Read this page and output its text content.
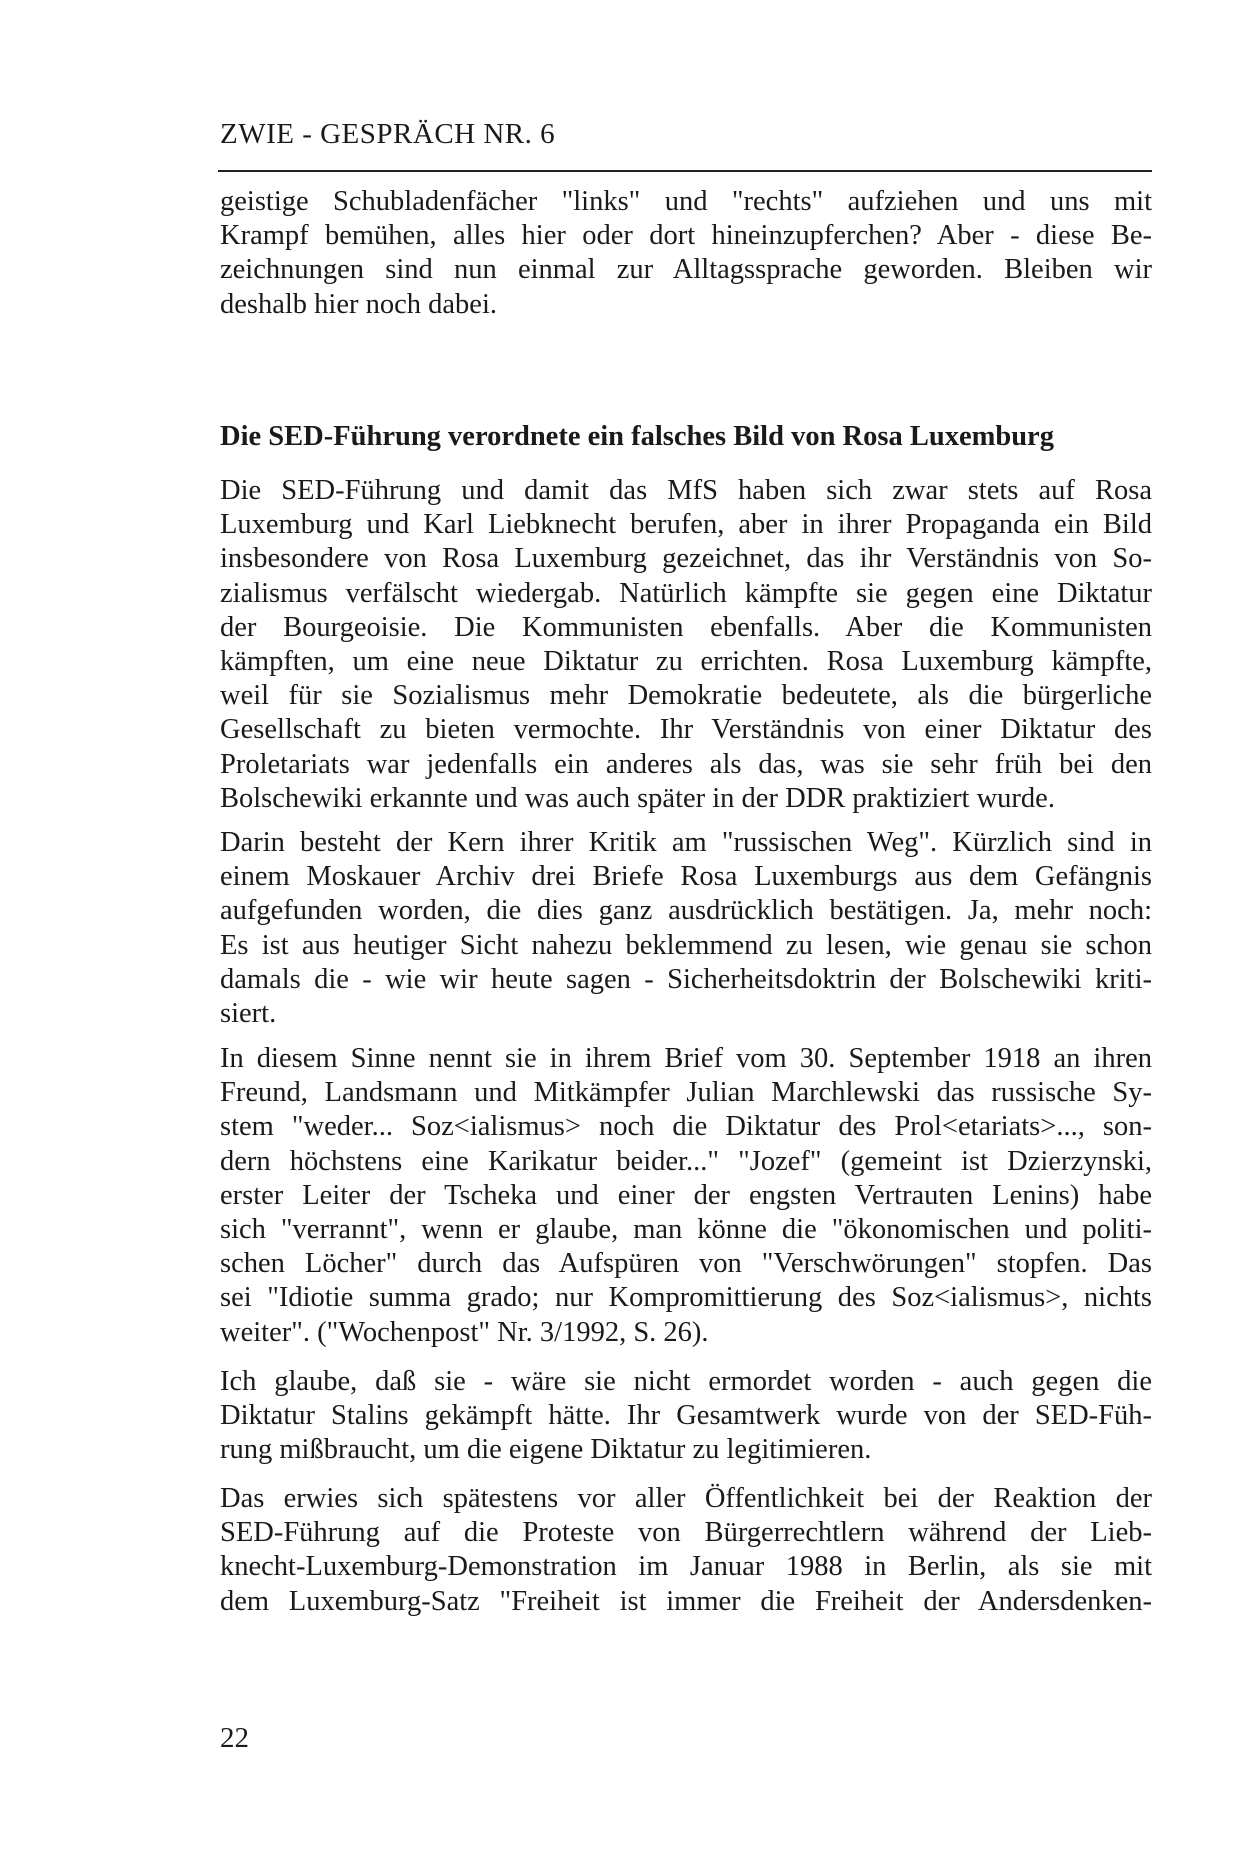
ZWIE - GESPRÄCH NR. 6
geistige Schubladenfächer "links" und "rechts" aufziehen und uns mit
Krampf bemühen, alles hier oder dort hineinzupferchen? Aber - diese Be-
zeichnungen sind nun einmal zur Alltagssprache geworden. Bleiben wir
deshalb hier noch dabei.
Die SED-Führung verordnete ein falsches Bild von Rosa Luxemburg
Die SED-Führung und damit das MfS haben sich zwar stets auf Rosa
Luxemburg und Karl Liebknecht berufen, aber in ihrer Propaganda ein Bild
insbesondere von Rosa Luxemburg gezeichnet, das ihr Verständnis von So-
zialismus verfälscht wiedergab. Natürlich kämpfte sie gegen eine Diktatur
der Bourgeoisie. Die Kommunisten ebenfalls. Aber die Kommunisten
kämpften, um eine neue Diktatur zu errichten. Rosa Luxemburg kämpfte,
weil für sie Sozialismus mehr Demokratie bedeutete, als die bürgerliche
Gesellschaft zu bieten vermochte. Ihr Verständnis von einer Diktatur des
Proletariats war jedenfalls ein anderes als das, was sie sehr früh bei den
Bolschewiki erkannte und was auch später in der DDR praktiziert wurde.
Darin besteht der Kern ihrer Kritik am "russischen Weg". Kürzlich sind in
einem Moskauer Archiv drei Briefe Rosa Luxemburgs aus dem Gefängnis
aufgefunden worden, die dies ganz ausdrücklich bestätigen. Ja, mehr noch:
Es ist aus heutiger Sicht nahezu beklemmend zu lesen, wie genau sie schon
damals die - wie wir heute sagen - Sicherheitsdoktrin der Bolschewiki kriti-
siert.
In diesem Sinne nennt sie in ihrem Brief vom 30. September 1918 an ihren
Freund, Landsmann und Mitkämpfer Julian Marchlewski das russische Sy-
stem "weder... Soz<ialismus> noch die Diktatur des Prol<etariats>..., son-
dern höchstens eine Karikatur beider..." "Jozef" (gemeint ist Dzierzynski,
erster Leiter der Tscheka und einer der engsten Vertrauten Lenins) habe
sich "verrannt", wenn er glaube, man könne die "ökonomischen und politi-
schen Löcher" durch das Aufspüren von "Verschwörungen" stopfen. Das
sei "Idiotie summa grado; nur Kompromittierung des Soz<ialismus>, nichts
weiter". ("Wochenpost" Nr. 3/1992, S. 26).
Ich glaube, daß sie - wäre sie nicht ermordet worden - auch gegen die
Diktatur Stalins gekämpft hätte. Ihr Gesamtwerk wurde von der SED-Füh-
rung mißbraucht, um die eigene Diktatur zu legitimieren.
Das erwies sich spätestens vor aller Öffentlichkeit bei der Reaktion der
SED-Führung auf die Proteste von Bürgerrechtlern während der Lieb-
knecht-Luxemburg-Demonstration im Januar 1988 in Berlin, als sie mit
dem Luxemburg-Satz "Freiheit ist immer die Freiheit der Andersdenken-
22
